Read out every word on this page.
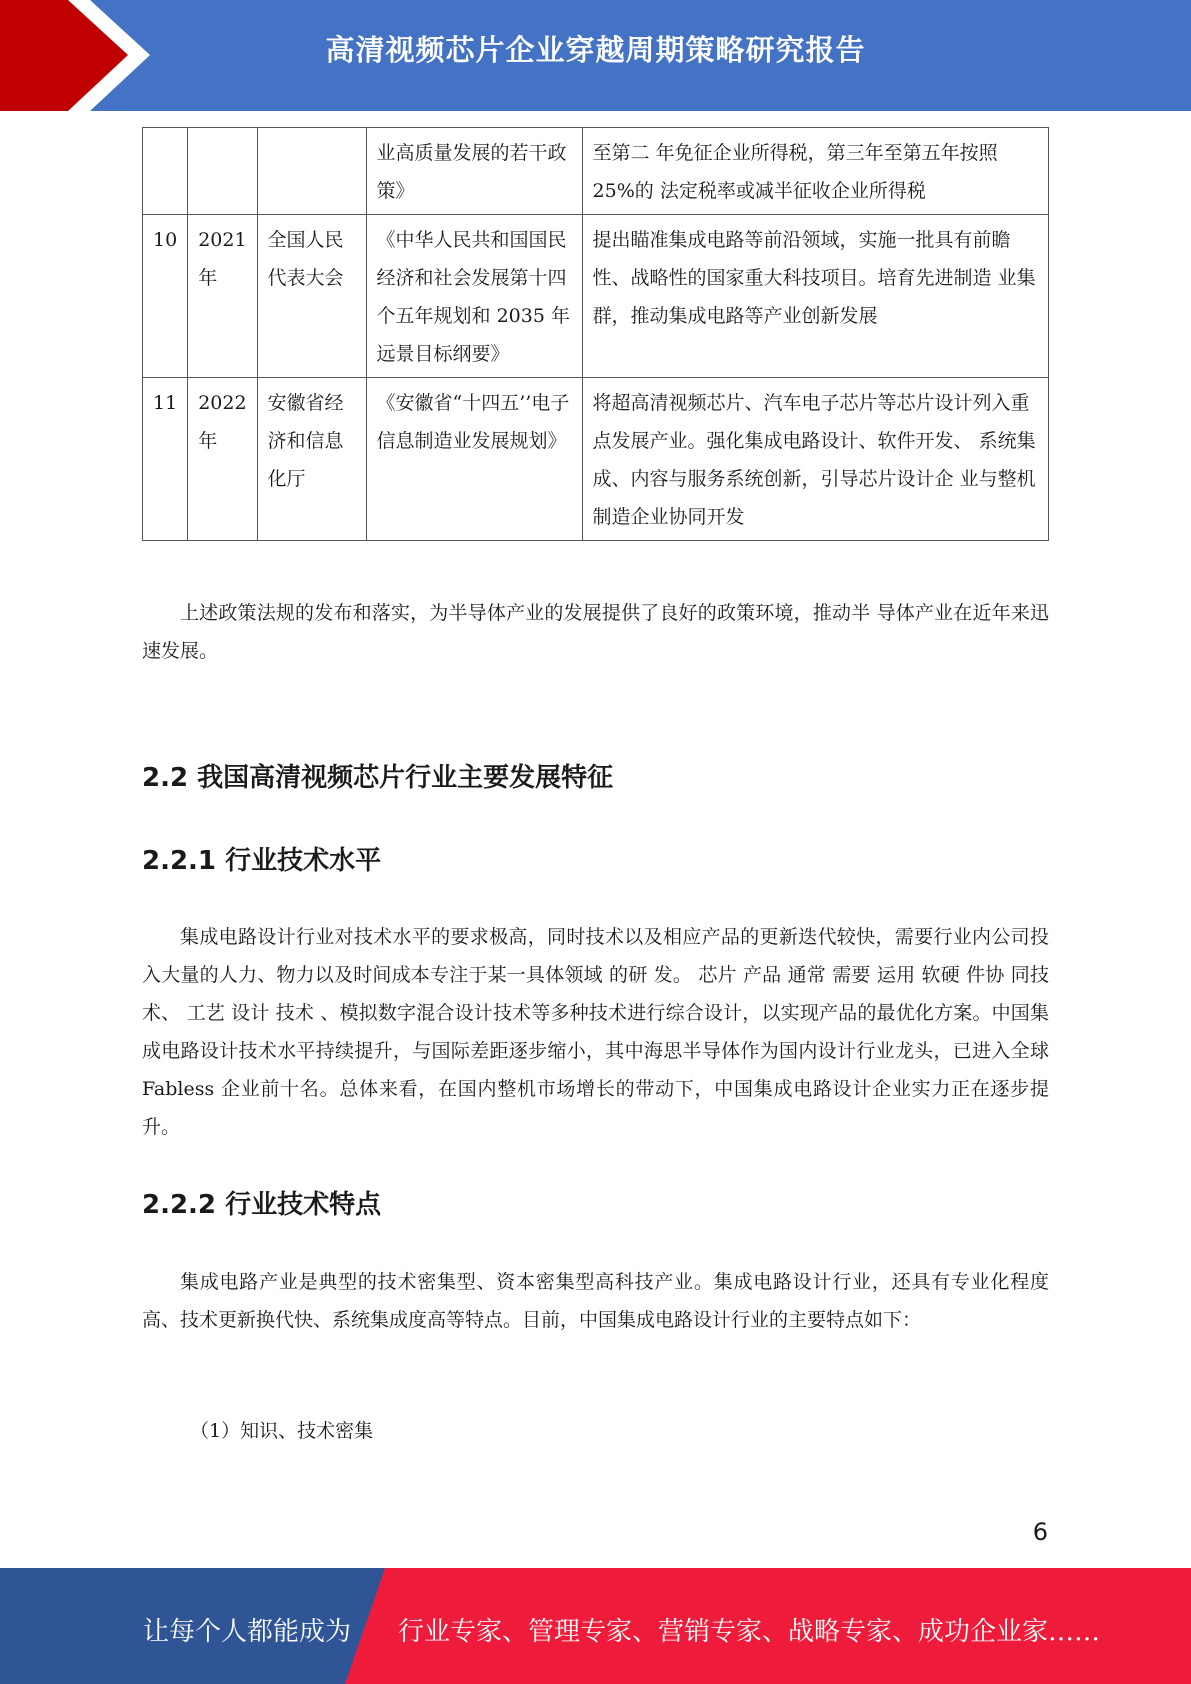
高清视频芯片企业穿越周期策略研究报告
			业高质量发展的若干政策》	至第二 年免征企业所得税，第三年至第五年按照 25%的 法定税率或减半征收企业所得税
10	2021 年	全国人民代表大会	《中华人民共和国国民经济和社会发展第十四个五年规划和 2035 年远景目标纲要》	提出瞄准集成电路等前沿领域，实施一批具有前瞻性、战略性的国家重大科技项目。培育先进制造 业集群，推动集成电路等产业创新发展
11	2022 年	安徽省经济和信息化厅	《安徽省“十四五’’电子信息制造业发展规划》	将超高清视频芯片、汽车电子芯片等芯片设计列入重点发展产业。强化集成电路设计、软件开发、 系统集成、内容与服务系统创新，引导芯片设计企 业与整机制造企业协同开发

上述政策法规的发布和落实，为半导体产业的发展提供了良好的政策环境，推动半 导体产业在近年来迅速发展。

2.2 我国高清视频芯片行业主要发展特征
2.2.1 行业技术水平

集成电路设计行业对技术水平的要求极高，同时技术以及相应产品的更新迭代较快，需要行业内公司投入大量的人力、物力以及时间成本专注于某一具体领域 的研 发。 芯片 产品 通常 需要 运用 软硬 件协 同技 术、 工艺 设计 技术 、模拟数字混合设计技术等多种技术进行综合设计，以实现产品的最优化方案。中国集成电路设计技术水平持续提升，与国际差距逐步缩小，其中海思半导体作为国内设计行业龙头，已进入全球 Fabless 企业前十名。总体来看，在国内整机市场增长的带动下，中国集成电路设计企业实力正在逐步提升。

2.2.2 行业技术特点

集成电路产业是典型的技术密集型、资本密集型高科技产业。集成电路设计行业，还具有专业化程度高、技术更新换代快、系统集成度高等特点。目前，中国集成电路设计行业的主要特点如下：

（1）知识、技术密集

6
让每个人都能成为 行业专家、管理专家、营销专家、战略专家、成功企业家……
